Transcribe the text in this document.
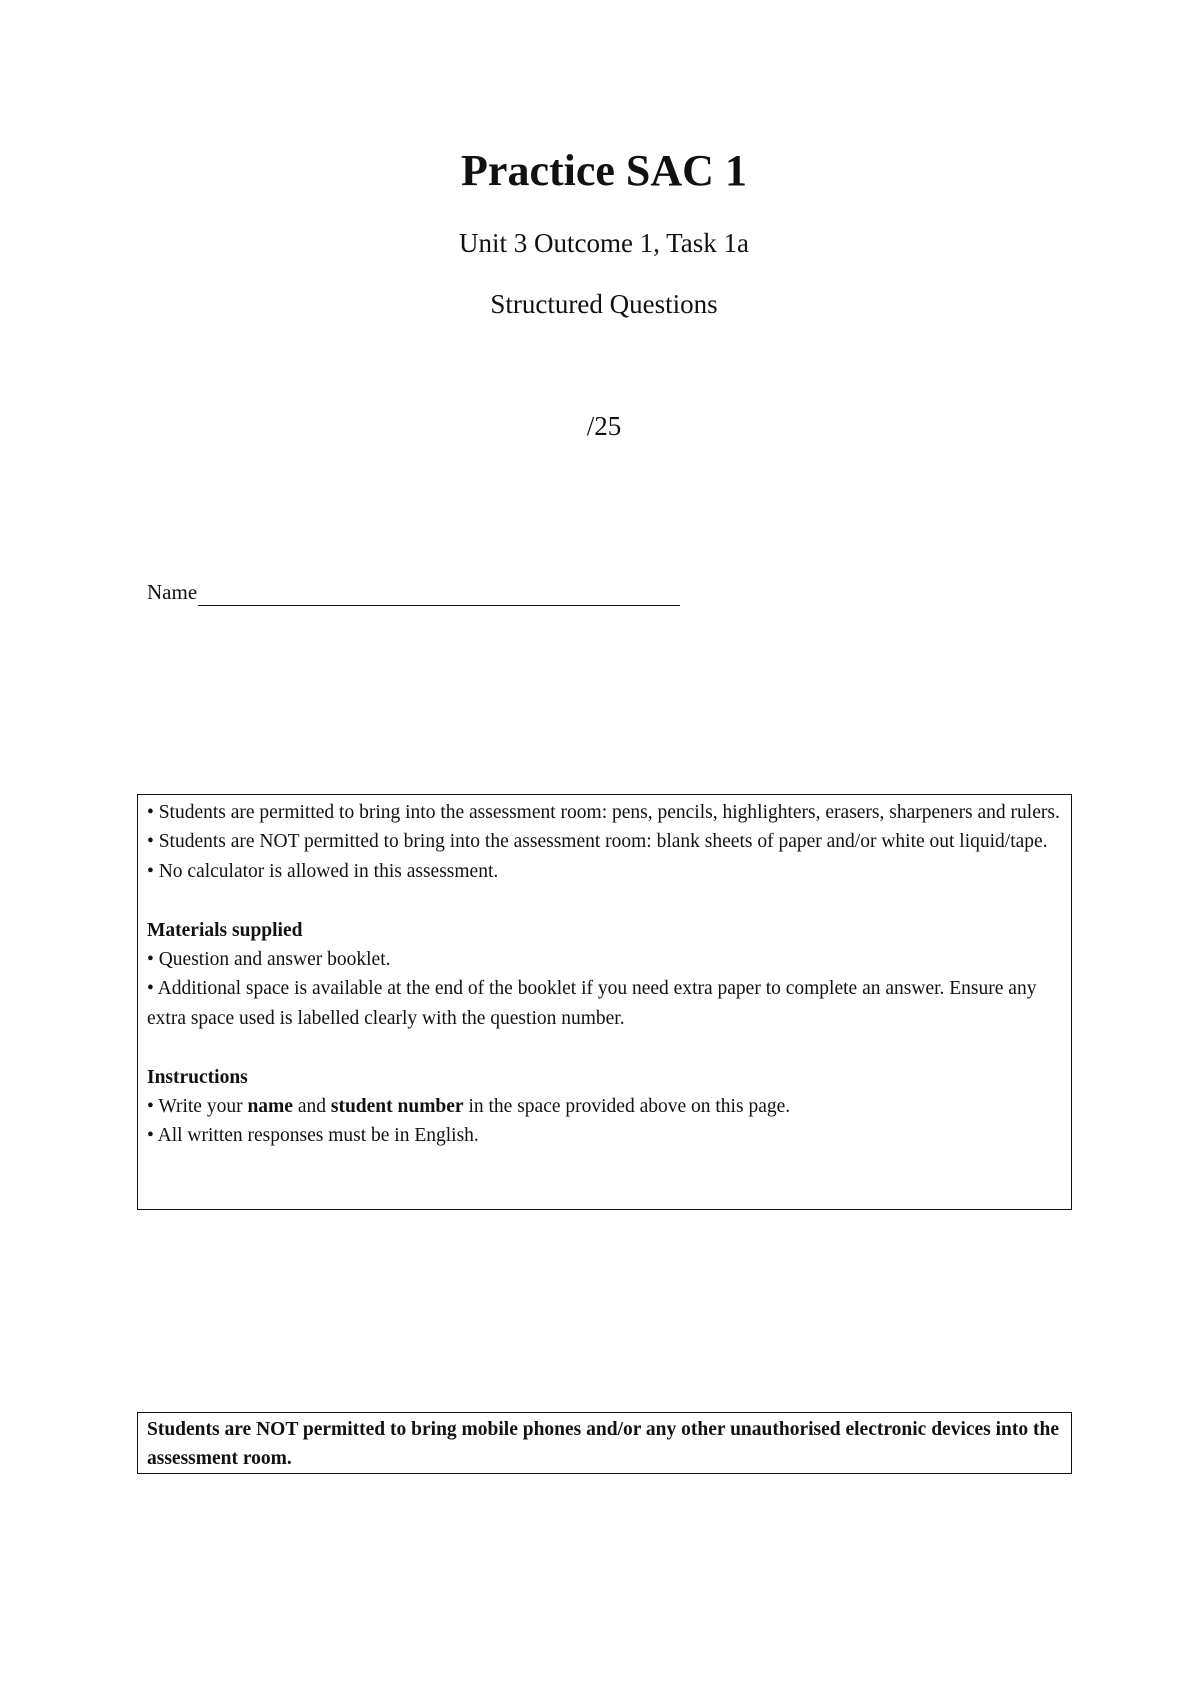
Practice SAC 1
Unit 3 Outcome 1, Task 1a
Structured Questions
/25
Name

• Students are permitted to bring into the assessment room: pens, pencils, highlighters, erasers, sharpeners and rulers.

• Students are NOT permitted to bring into the assessment room: blank sheets of paper and/or white out liquid/tape.

• No calculator is allowed in this assessment.

Materials supplied

• Question and answer booklet.

• Additional space is available at the end of the booklet if you need extra paper to complete an answer. Ensure any extra space used is labelled clearly with the question number.

Instructions

• Write your name and student number in the space provided above on this page.

• All written responses must be in English.

Students are NOT permitted to bring mobile phones and/or any other unauthorised electronic devices into the assessment room.
